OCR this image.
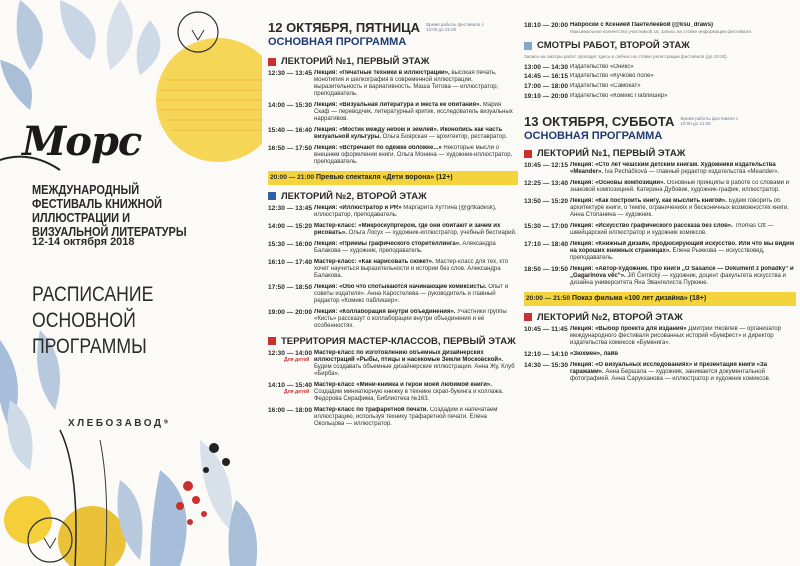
Морс
МЕЖДУНАРОДНЫЙ ФЕСТИВАЛЬ КНИЖНОЙ ИЛЛЮСТРАЦИИ И ВИЗУАЛЬНОЙ ЛИТЕРАТУРЫ
12-14 октября 2018
РАСПИСАНИЕ ОСНОВНОЙ ПРОГРАММЫ
ХЛЕБОЗАВОД⁹
12 ОКТЯБРЯ, ПЯТНИЦА Время работы фестиваля с 12:00 до 21:00
ОСНОВНАЯ ПРОГРАММА
ЛЕКТОРИЙ №1, ПЕРВЫЙ ЭТАЖ
12:30 — 13:45 Лекция: «Печатные техники в иллюстрации», высокая печать, монотипия и шелкография в современной иллюстрации, выразительность и вариативность. Маша Титова — иллюстратор, преподаватель.
14:00 — 15:30 Лекция: «Визуальная литература и места ее обитания». Мария Скаф — переводчик, литературный критик, исследователь визуальных нарративов.
15:40 — 16:40 Лекция: «Мостик между небом и землей». Иконопись как часть визуальной культуры. Ольга Боярская — архитектор, реставратор.
16:50 — 17:50 Лекция: «Встречают по одёжке обложке...» Некоторые мысли о внешнем оформлении книги. Ольга Монина — художник-иллюстратор, преподаватель.
20:00 — 21:00 Превью спектакля «Дети ворона» (12+)
ЛЕКТОРИЙ №2, ВТОРОЙ ЭТАЖ
12:30 — 13:45 Лекция: «Иллюстратор и PR» Маргарита Хуттина (@grtkadesk), иллюстратор, преподаватель.
14:00 — 15:20 Мастер-класс: «Микроскупргером, где они обитают и зачем их рисовать». Ольга Лосух — художник-иллюстратор, учебный бестиарий.
15:30 — 16:00 Лекция: «Приемы графического сторителлинга». Александра Балакова — художник, преподаватель.
16:10 — 17:40 Мастер-класс: «Как нарисовать сюжет». Мастер-класс для тех, кто хочет научиться выразительности и истории без слов. Александра Балакова.
17:50 — 18:50 Лекция: «Обо что спотыкаются начинающие комиксисты. Опыт и советы издателя». Анна Каростелева — руководитель и главный редактор «Комикс паблишер».
19:00 — 20:00 Лекция: «Коллаборация внутри объединения». Участники группы «Кисть» рассказут о коллаборации внутри объединения и её особенностях.
ТЕРРИТОРИЯ МАСТЕР-КЛАССОВ, ПЕРВЫЙ ЭТАЖ
12:30 — 14:00
Для детей
Мастер-класс по изготовлению объемных дизайнерских иллюстраций «Рыбы, птицы и насекомые Земли Московской». Будем создавать объемные дизайнерские иллюстрации. Анна Жу, Клуб «Бирба».
14:10 — 15:40
Для детей
Мастер-класс «Мини-книжка и герои моей любимой книги». Создадим миниатюрную книжку в технике скрап-букинга и коллажа. Федорова Серафима, Библиотека №163.
16:00 — 18:00 Мастер-класс по трафаретной печати. Создадим и напечатаем иллюстрацию, используя технику трафаретной печати. Елена Окольцова — иллюстратор.
18:10 — 20:00 Наброски с Ксенией Пантелеевой (@ksu_draws)
Максимальное количество участников 15, запись на стойке информации фестиваля.
СМОТРЫ РАБОТ, ВТОРОЙ ЭТАЖ
Запись на смотры работ проходит здесь и сейчас на стойке регистрации фестиваля (до 19:30).
13:00 — 14:30 Издательство «Оникс»
14:45 — 16:15 Издательство «Кучково поле»
17:00 — 18:00 Издательство «Самокат»
19:10 — 20:00 Издательство «Комикс Паблишер»
13 ОКТЯБРЯ, СУББОТА Время работы фестиваля с 10:00 до 21:00
ОСНОВНАЯ ПРОГРАММА
ЛЕКТОРИЙ №1, ПЕРВЫЙ ЭТАЖ
10:45 — 12:15 Лекция: «Сто лет чешским детским книгам. Художники издательства «Meander». Iva Pecháčková — главный редактор издательства «Meander».
12:25 — 13:40 Лекция: «Основы композиции». Основные принципы в работе со словами и знаковой композицией. Катерина Дубовик, художник-график, иллюстратор.
13:50 — 15:20 Лекция: «Как построить книгу, как мыслить книгой». Будем говорить об архитектуре книги, о темпе, ограничениях и бесконечных возможностях книги. Анна Стопанина — художник.
15:30 — 17:00 Лекция: «Искусство графического рассказа без слов». Thomas Ott — швейцарский иллюстратор и художник комиксов.
17:10 — 18:40 Лекция: «Книжный дизайн, продюсирующий искусство. Или что мы видим на хороших книжных страницах». Елена Рыжкова — искусствовед, преподаватель.
18:50 — 19:50 Лекция: «Автор-художник. Про книги „O Sasance — Dokument z pohádky“ и „Gagarinova věc“». Jiří Černický — художник, доцент факультета искусства и дизайна университета Яна Эвангелиста Пуркине.
20:00 — 21:50 Показ фильма «100 лет дизайна» (18+)
ЛЕКТОРИЙ №2, ВТОРОЙ ЭТАЖ
10:45 — 11:45 Лекция: «Выбор проекта для издания» Дмитрий Яковлев — организатор международного фестиваля рисованных историй «Бумфест» и директор издательства комиксов «Бумкнига».
12:10 — 14:10 «Зюхмен», лайв
14:30 — 15:30 Лекция: «О визуальных исследованиях» и презентация книги «За гаражами». Анна Бершала — художник, занимается документальной фотографией. Анна Сарукханова — иллюстратор и художник комиксов.
